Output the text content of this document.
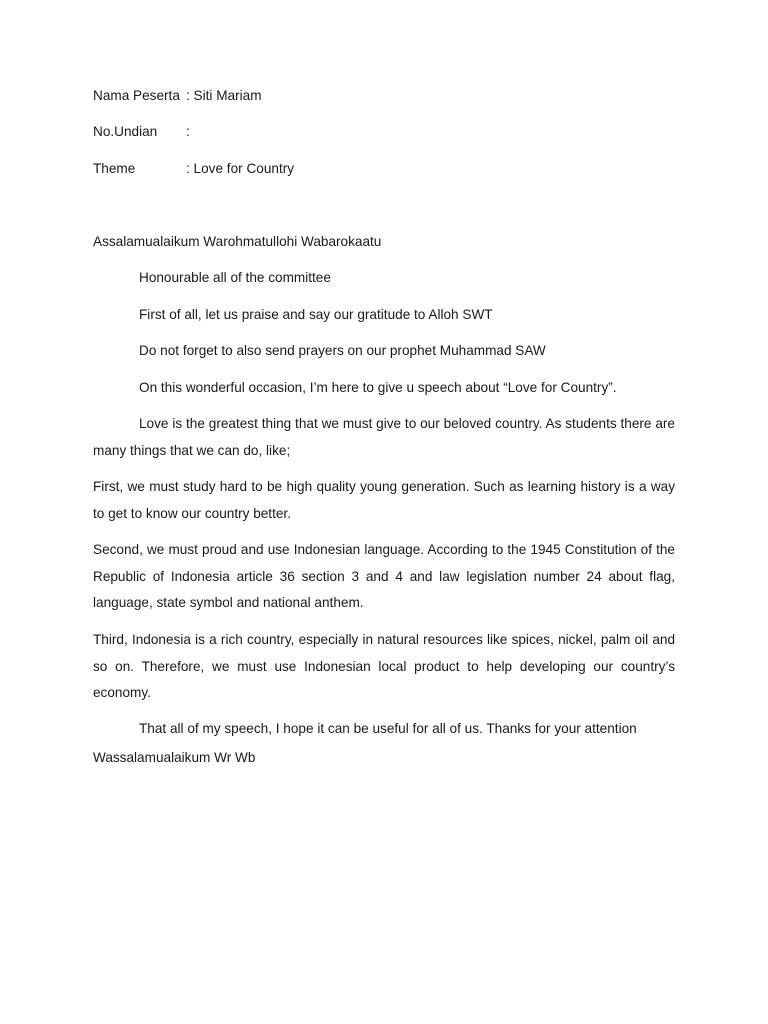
Nama Peserta : Siti Mariam
No.Undian :
Theme	: Love for Country
Assalamualaikum Warohmatullohi Wabarokaatu
Honourable all of the committee
First of all, let us praise and say our gratitude to Alloh SWT
Do not forget to also send prayers on our prophet Muhammad SAW
On this wonderful occasion, I’m here to give u speech about “Love for Country”.
Love is the greatest thing that we must give to our beloved country. As students there are many things that we can do, like;
First, we must study hard to be high quality young generation. Such as learning history is a way to get to know our country better.
Second, we must proud and use Indonesian language. According to the 1945 Constitution of the Republic of Indonesia article 36 section 3 and 4 and law legislation number 24 about flag, language, state symbol and national anthem.
Third, Indonesia is a rich country, especially in natural resources like spices, nickel, palm oil and so on. Therefore, we must use Indonesian local product to help developing our country’s economy.
That all of my speech, I hope it can be useful for all of us. Thanks for your attention
Wassalamualaikum Wr Wb
